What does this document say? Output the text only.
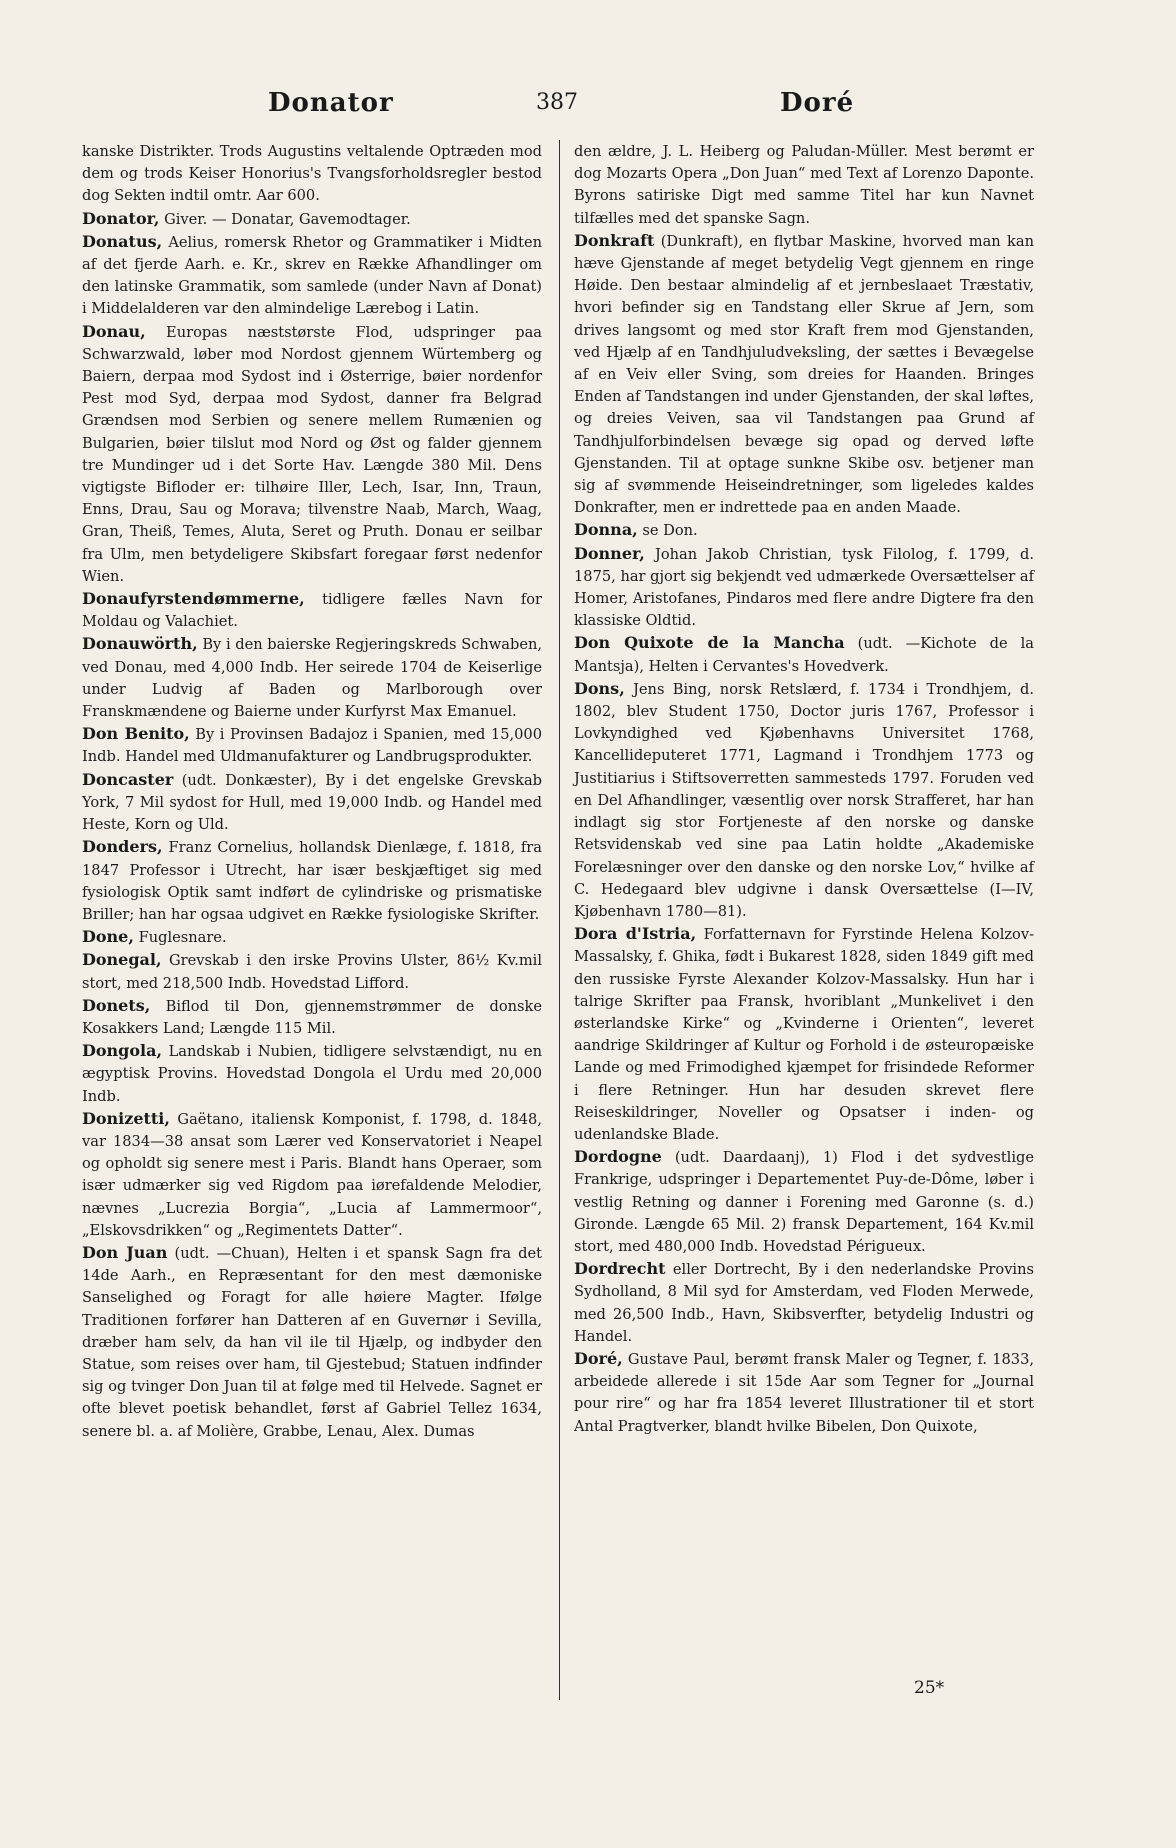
Donator	387	Doré

kanske Distrikter. Trods Augustins veltalende Optræden mod dem og trods Keiser Honorius's Tvangsforholdsregler bestod dog Sekten indtil omtr. Aar 600.

Donator, Giver. — Donatar, Gavemodtager.

Donatus, Aelius, romersk Rhetor og Grammatiker i Midten af det fjerde Aarh. e. Kr., skrev en Række Afhandlinger om den latinske Grammatik, som samlede (under Navn af Donat) i Middelalderen var den almindelige Lærebog i Latin.

Donau, Europas næststørste Flod, udspringer paa Schwarzwald, løber mod Nordost gjennem Würtemberg og Baiern, derpaa mod Sydost ind i Østerrige, bøier nordenfor Pest mod Syd, derpaa mod Sydost, danner fra Belgrad Grændsen mod Serbien og senere mellem Rumænien og Bulgarien, bøier tilslut mod Nord og Øst og falder gjennem tre Mundinger ud i det Sorte Hav. Længde 380 Mil. Dens vigtigste Bifloder er: tilhøire Iller, Lech, Isar, Inn, Traun, Enns, Drau, Sau og Morava; tilvenstre Naab, March, Waag, Gran, Theiß, Temes, Aluta, Seret og Pruth. Donau er seilbar fra Ulm, men betydeligere Skibsfart foregaar først nedenfor Wien.

Donaufyrstendømmerne, tidligere fælles Navn for Moldau og Valachiet.

Donauwörth, By i den baierske Regjeringskreds Schwaben, ved Donau, med 4,000 Indb. Her seirede 1704 de Keiserlige under Ludvig af Baden og Marlborough over Franskmændene og Baierne under Kurfyrst Max Emanuel.

Don Benito, By i Provinsen Badajoz i Spanien, med 15,000 Indb. Handel med Uldmanufakturer og Landbrugsprodukter.

Doncaster (udt. Donkæster), By i det engelske Grevskab York, 7 Mil sydost for Hull, med 19,000 Indb. og Handel med Heste, Korn og Uld.

Donders, Franz Cornelius, hollandsk Dienlæge, f. 1818, fra 1847 Professor i Utrecht, har især beskjæftiget sig med fysiologisk Optik samt indført de cylindriske og prismatiske Briller; han har ogsaa udgivet en Række fysiologiske Skrifter.

Done, Fuglesnare.

Donegal, Grevskab i den irske Provins Ulster, 86½ Kv.mil stort, med 218,500 Indb. Hovedstad Lifford.

Donets, Biflod til Don, gjennemstrømmer de donske Kosakkers Land; Længde 115 Mil.

Dongola, Landskab i Nubien, tidligere selvstændigt, nu en ægyptisk Provins. Hovedstad Dongola el Urdu med 20,000 Indb.

Donizetti, Gaëtano, italiensk Komponist, f. 1798, d. 1848, var 1834—38 ansat som Lærer ved Konservatoriet i Neapel og opholdt sig senere mest i Paris. Blandt hans Operaer, som især udmærker sig ved Rigdom paa iørefaldende Melodier, nævnes „Lucrezia Borgia“, „Lucia af Lammermoor“, „Elskovsdrikken“ og „Regimentets Datter“.

Don Juan (udt. —Chuan), Helten i et spansk Sagn fra det 14de Aarh., en Repræsentant for den mest dæmoniske Sanselighed og Foragt for alle høiere Magter. Ifølge Traditionen forfører han Datteren af en Guvernør i Sevilla, dræber ham selv, da han vil ile til Hjælp, og indbyder den Statue, som reises over ham, til Gjestebud; Statuen indfinder sig og tvinger Don Juan til at følge med til Helvede. Sagnet er ofte blevet poetisk behandlet, først af Gabriel Tellez 1634, senere bl. a. af Molière, Grabbe, Lenau, Alex. Dumas

den ældre, J. L. Heiberg og Paludan-Müller. Mest berømt er dog Mozarts Opera „Don Juan“ med Text af Lorenzo Daponte. Byrons satiriske Digt med samme Titel har kun Navnet tilfælles med det spanske Sagn.

Donkraft (Dunkraft), en flytbar Maskine, hvorved man kan hæve Gjenstande af meget betydelig Vegt gjennem en ringe Høide. Den bestaar almindelig af et jernbeslaaet Træstativ, hvori befinder sig en Tandstang eller Skrue af Jern, som drives langsomt og med stor Kraft frem mod Gjenstanden, ved Hjælp af en Tandhjuludveksling, der sættes i Bevægelse af en Veiv eller Sving, som dreies for Haanden. Bringes Enden af Tandstangen ind under Gjenstanden, der skal løftes, og dreies Veiven, saa vil Tandstangen paa Grund af Tandhjulforbindelsen bevæge sig opad og derved løfte Gjenstanden. Til at optage sunkne Skibe osv. betjener man sig af svømmende Heiseindretninger, som ligeledes kaldes Donkrafter, men er indrettede paa en anden Maade.

Donna, se Don.

Donner, Johan Jakob Christian, tysk Filolog, f. 1799, d. 1875, har gjort sig bekjendt ved udmærkede Oversættelser af Homer, Aristofanes, Pindaros med flere andre Digtere fra den klassiske Oldtid.

Don Quixote de la Mancha (udt. —Kichote de la Mantsja), Helten i Cervantes's Hovedverk.

Dons, Jens Bing, norsk Retslærd, f. 1734 i Trondhjem, d. 1802, blev Student 1750, Doctor juris 1767, Professor i Lovkyndighed ved Kjøbenhavns Universitet 1768, Kancellideputeret 1771, Lagmand i Trondhjem 1773 og Justitiarius i Stiftsoverretten sammesteds 1797. Foruden ved en Del Afhandlinger, væsentlig over norsk Strafferet, har han indlagt sig stor Fortjeneste af den norske og danske Retsvidenskab ved sine paa Latin holdte „Akademiske Forelæsninger over den danske og den norske Lov,“ hvilke af C. Hedegaard blev udgivne i dansk Oversættelse (I—IV, Kjøbenhavn 1780—81).

Dora d'Istria, Forfatternavn for Fyrstinde Helena Kolzov-Massalsky, f. Ghika, født i Bukarest 1828, siden 1849 gift med den russiske Fyrste Alexander Kolzov-Massalsky. Hun har i talrige Skrifter paa Fransk, hvoriblant „Munkelivet i den østerlandske Kirke“ og „Kvinderne i Orienten“, leveret aandrige Skildringer af Kultur og Forhold i de østeuropæiske Lande og med Frimodighed kjæmpet for frisindede Reformer i flere Retninger. Hun har desuden skrevet flere Reiseskildringer, Noveller og Opsatser i inden- og udenlandske Blade.

Dordogne (udt. Daardaanj), 1) Flod i det sydvestlige Frankrige, udspringer i Departementet Puy-de-Dôme, løber i vestlig Retning og danner i Forening med Garonne (s. d.) Gironde. Længde 65 Mil. 2) fransk Departement, 164 Kv.mil stort, med 480,000 Indb. Hovedstad Périgueux.

Dordrecht eller Dortrecht, By i den nederlandske Provins Sydholland, 8 Mil syd for Amsterdam, ved Floden Merwede, med 26,500 Indb., Havn, Skibsverfter, betydelig Industri og Handel.

Doré, Gustave Paul, berømt fransk Maler og Tegner, f. 1833, arbeidede allerede i sit 15de Aar som Tegner for „Journal pour rire“ og har fra 1854 leveret Illustrationer til et stort Antal Pragtverker, blandt hvilke Bibelen, Don Quixote,

25*
